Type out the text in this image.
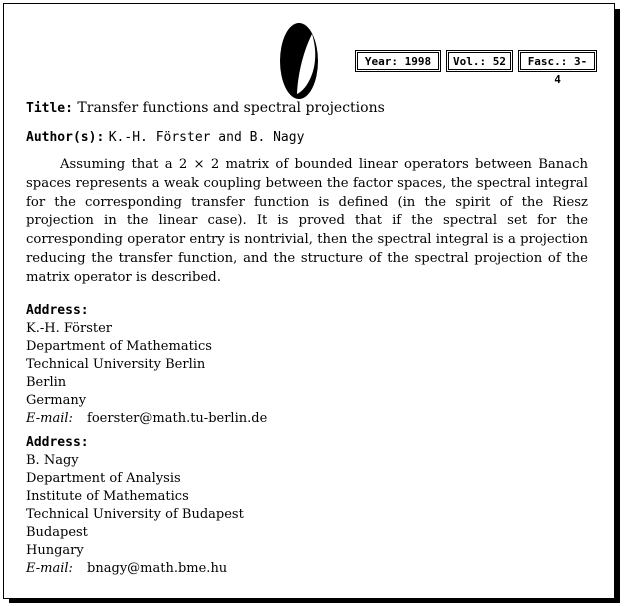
Year: 1998	Vol.: 52	Fasc.: 3-4
Title: Transfer functions and spectral projections
Author(s): K.-H. Förster and B. Nagy

Assuming that a 2 × 2 matrix of bounded linear operators between Banach spaces represents a weak coupling between the factor spaces, the spectral integral for the corresponding transfer function is defined (in the spirit of the Riesz projection in the linear case). It is proved that if the spectral set for the corresponding operator entry is nontrivial, then the spectral integral is a projection reducing the transfer function, and the structure of the spectral projection of the matrix operator is described.

Address:
K.-H. Förster
Department of Mathematics
Technical University Berlin
Berlin
Germany
E-mail: foerster@math.tu-berlin.de
Address:
B. Nagy
Department of Analysis
Institute of Mathematics
Technical University of Budapest
Budapest
Hungary
E-mail: bnagy@math.bme.hu
